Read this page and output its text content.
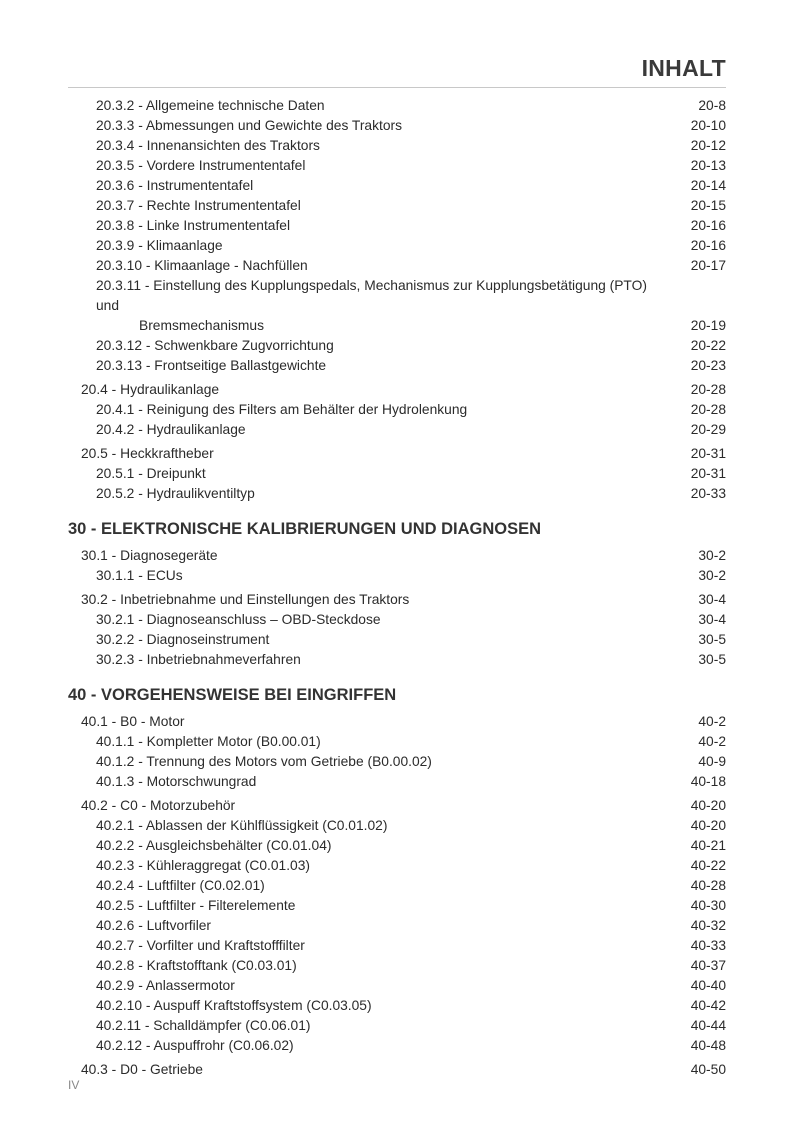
INHALT
20.3.2 - Allgemeine technische Daten	20-8
20.3.3 - Abmessungen und Gewichte des Traktors	20-10
20.3.4 - Innenansichten des Traktors	20-12
20.3.5 - Vordere Instrumententafel	20-13
20.3.6 - Instrumententafel	20-14
20.3.7 - Rechte Instrumententafel	20-15
20.3.8 - Linke Instrumententafel	20-16
20.3.9 - Klimaanlage	20-16
20.3.10 - Klimaanlage - Nachfüllen	20-17
20.3.11 - Einstellung des Kupplungspedals, Mechanismus zur Kupplungsbetätigung (PTO) und
Bremsmechanismus	20-19
20.3.12 - Schwenkbare Zugvorrichtung	20-22
20.3.13 - Frontseitige Ballastgewichte	20-23
20.4 - Hydraulikanlage	20-28
20.4.1 - Reinigung des Filters am Behälter der Hydrolenkung	20-28
20.4.2 - Hydraulikanlage	20-29
20.5 - Heckkraftheber	20-31
20.5.1 - Dreipunkt	20-31
20.5.2 - Hydraulikventiltyp	20-33
30 - ELEKTRONISCHE KALIBRIERUNGEN UND DIAGNOSEN
30.1 - Diagnosegeräte	30-2
30.1.1 - ECUs	30-2
30.2 - Inbetriebnahme und Einstellungen des Traktors	30-4
30.2.1 - Diagnoseanschluss – OBD-Steckdose	30-4
30.2.2 - Diagnoseinstrument	30-5
30.2.3 - Inbetriebnahmeverfahren	30-5
40 - VORGEHENSWEISE BEI EINGRIFFEN
40.1 - B0 - Motor	40-2
40.1.1 - Kompletter Motor (B0.00.01)	40-2
40.1.2 - Trennung des Motors vom Getriebe (B0.00.02)	40-9
40.1.3 - Motorschwungrad	40-18
40.2 - C0 - Motorzubehör	40-20
40.2.1 - Ablassen der Kühlflüssigkeit (C0.01.02)	40-20
40.2.2 - Ausgleichsbehälter (C0.01.04)	40-21
40.2.3 - Kühleraggregat (C0.01.03)	40-22
40.2.4 - Luftfilter (C0.02.01)	40-28
40.2.5 - Luftfilter - Filterelemente	40-30
40.2.6 - Luftvorfiler	40-32
40.2.7 - Vorfilter und Kraftstofffilter	40-33
40.2.8 - Kraftstofftank (C0.03.01)	40-37
40.2.9 - Anlassermotor	40-40
40.2.10 - Auspuff Kraftstoffsystem (C0.03.05)	40-42
40.2.11 - Schalldämpfer (C0.06.01)	40-44
40.2.12 - Auspuffrohr (C0.06.02)	40-48
40.3 - D0 - Getriebe	40-50
IV
